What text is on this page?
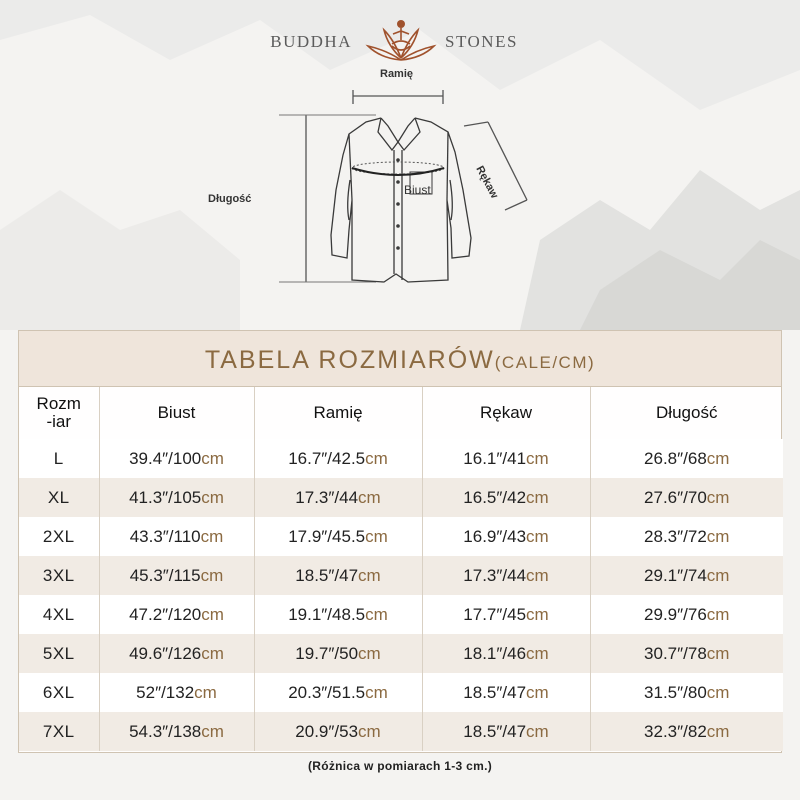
BUDDHA	STONES
Ramię
Długość
Biust	Rękaw
TABELA ROZMIARÓW(CALE/CM)
Rozm
-iar	Biust	Ramię	Rękaw	Długość
L	39.4″/100cm	16.7″/42.5cm	16.1″/41cm	26.8″/68cm
XL	41.3″/105cm	17.3″/44cm	16.5″/42cm	27.6″/70cm
2XL	43.3″/110cm	17.9″/45.5cm	16.9″/43cm	28.3″/72cm
3XL	45.3″/115cm	18.5″/47cm	17.3″/44cm	29.1″/74cm
4XL	47.2″/120cm	19.1″/48.5cm	17.7″/45cm	29.9″/76cm
5XL	49.6″/126cm	19.7″/50cm	18.1″/46cm	30.7″/78cm
6XL	52″/132cm	20.3″/51.5cm	18.5″/47cm	31.5″/80cm
7XL	54.3″/138cm	20.9″/53cm	18.5″/47cm	32.3″/82cm
(Różnica w pomiarach 1-3 cm.)
